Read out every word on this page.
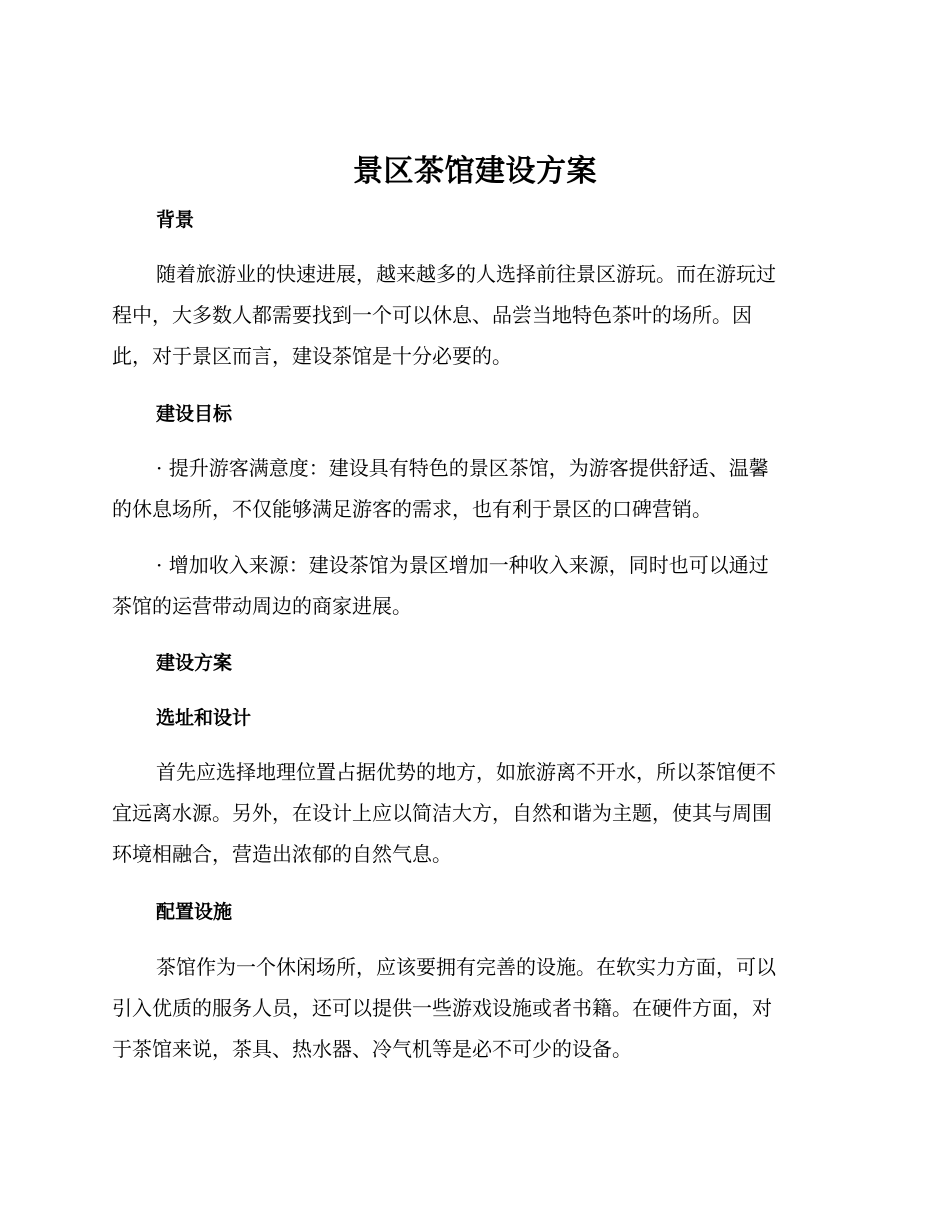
景区茶馆建设方案
背景
随着旅游业的快速进展，越来越多的人选择前往景区游玩。而在游玩过
程中，大多数人都需要找到一个可以休息、品尝当地特色茶叶的场所。因
此，对于景区而言，建设茶馆是十分必要的。
建设目标
· 提升游客满意度：建设具有特色的景区茶馆，为游客提供舒适、温馨
的休息场所，不仅能够满足游客的需求，也有利于景区的口碑营销。
· 增加收入来源：建设茶馆为景区增加一种收入来源，同时也可以通过
茶馆的运营带动周边的商家进展。
建设方案
选址和设计
首先应选择地理位置占据优势的地方，如旅游离不开水，所以茶馆便不
宜远离水源。另外，在设计上应以简洁大方，自然和谐为主题，使其与周围
环境相融合，营造出浓郁的自然气息。
配置设施
茶馆作为一个休闲场所，应该要拥有完善的设施。在软实力方面，可以
引入优质的服务人员，还可以提供一些游戏设施或者书籍。在硬件方面，对
于茶馆来说，茶具、热水器、冷气机等是必不可少的设备。
